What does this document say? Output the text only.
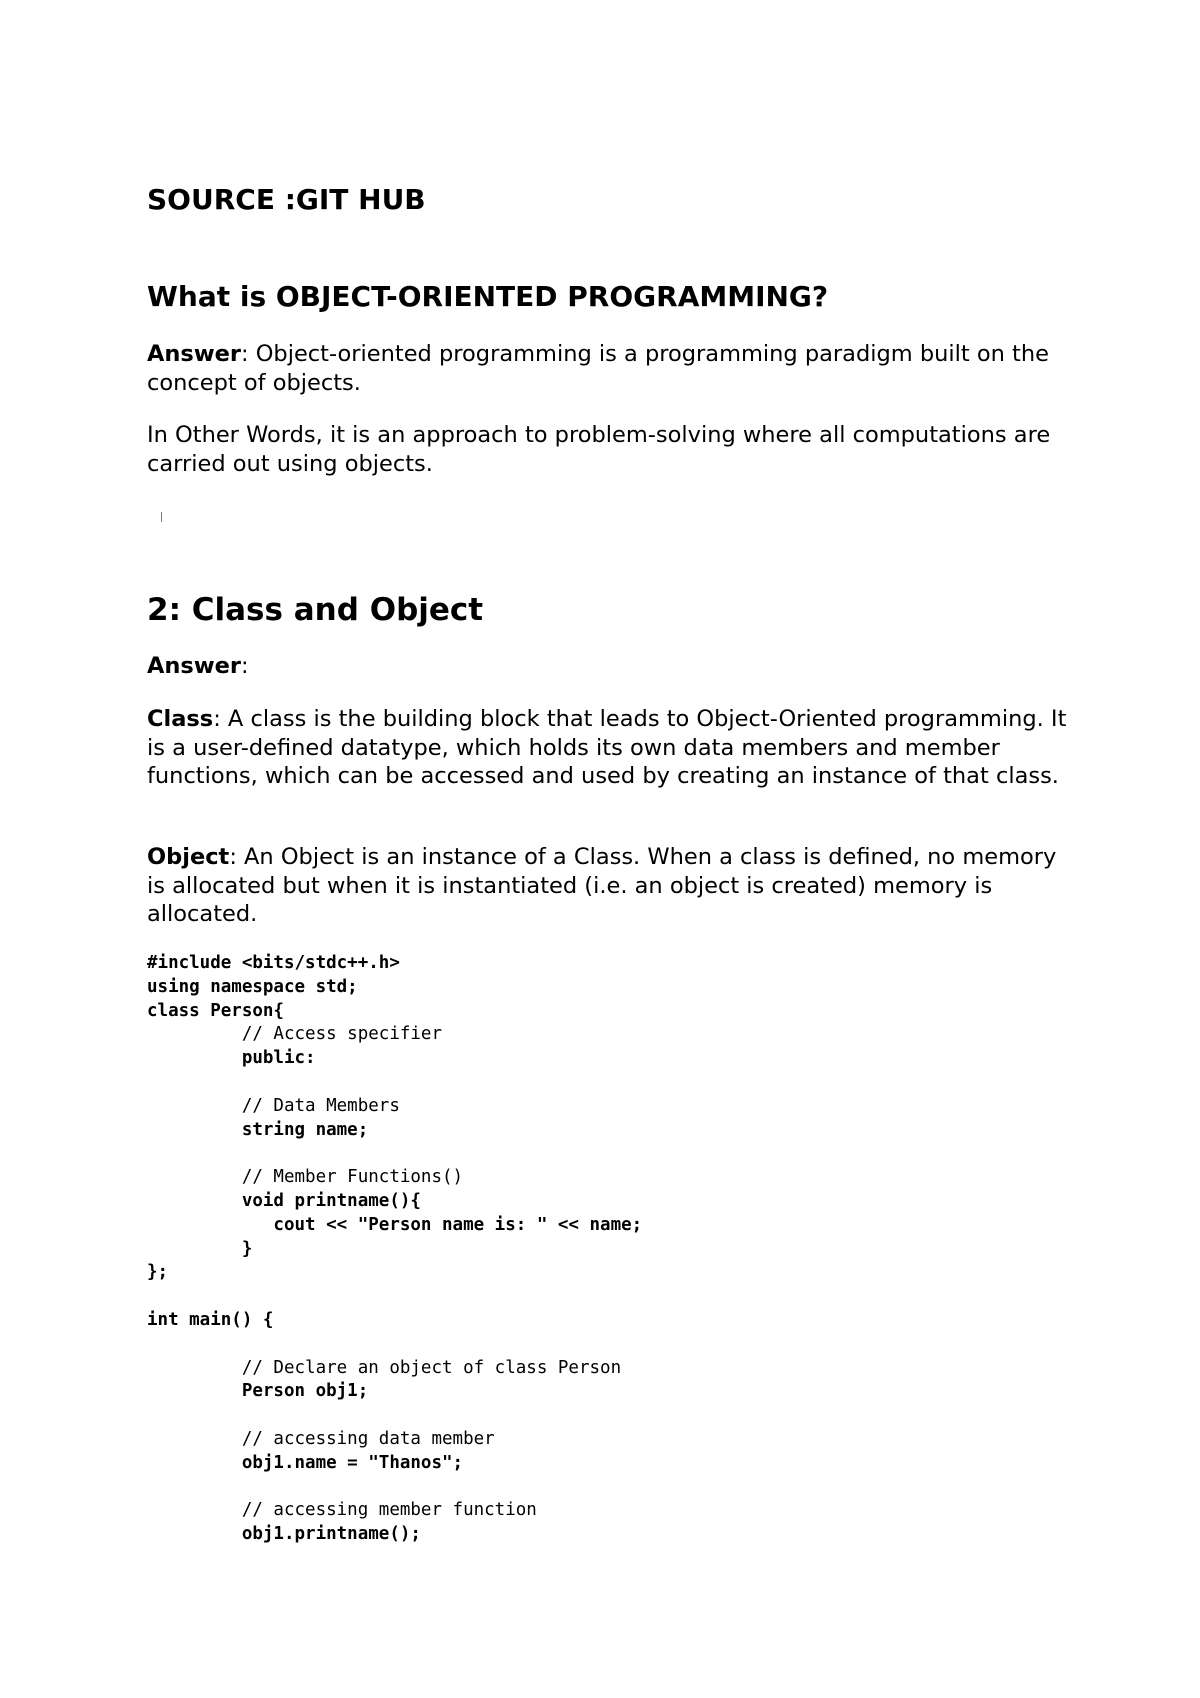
SOURCE :GIT HUB

What is OBJECT-ORIENTED PROGRAMMING?

Answer: Object-oriented programming is a programming paradigm built on the concept of objects.

In Other Words, it is an approach to problem-solving where all computations are carried out using objects.

2: Class and Object

Answer:

Class: A class is the building block that leads to Object-Oriented programming. It is a user-defined datatype, which holds its own data members and member functions, which can be accessed and used by creating an instance of that class.

Object: An Object is an instance of a Class. When a class is defined, no memory is allocated but when it is instantiated (i.e. an object is created) memory is allocated.

#include <bits/stdc++.h>
using namespace std;
class Person{
// Access specifier
public:

// Data Members
string name;

// Member Functions()
void printname(){
cout << "Person name is: " << name;
}
};

int main() {

// Declare an object of class Person
Person obj1;

// accessing data member
obj1.name = "Thanos";

// accessing member function
obj1.printname();
